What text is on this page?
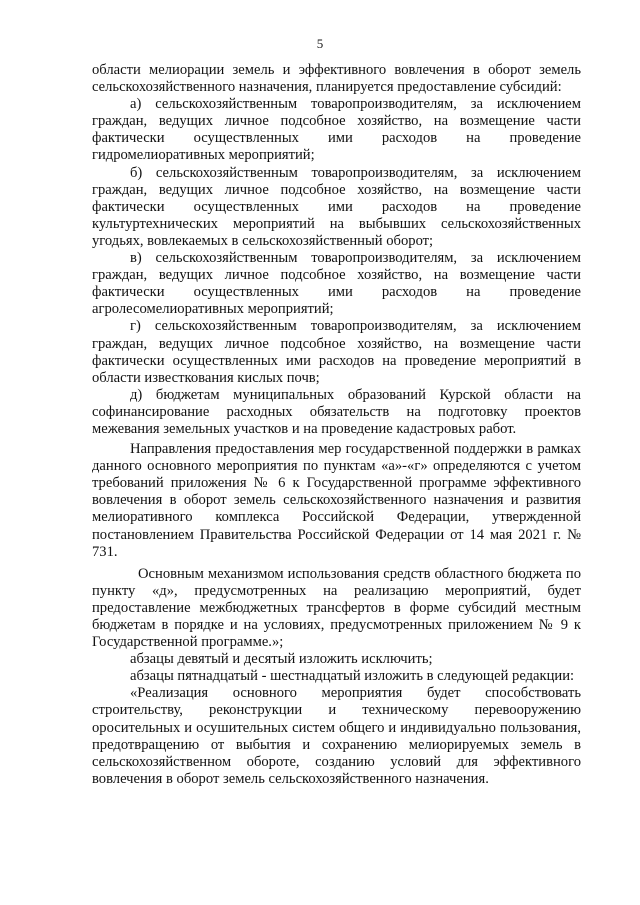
5

области мелиорации земель и эффективного вовлечения в оборот земель сельскохозяйственного назначения, планируется предоставление субсидий:

а) сельскохозяйственным товаропроизводителям, за исключением граждан, ведущих личное подсобное хозяйство, на возмещение части фактически осуществленных ими расходов на проведение гидромелиоративных мероприятий;

б) сельскохозяйственным товаропроизводителям, за исключением граждан, ведущих личное подсобное хозяйство, на возмещение части фактически осуществленных ими расходов на проведение культуртехнических мероприятий на выбывших сельскохозяйственных угодьях, вовлекаемых в сельскохозяйственный оборот;

в) сельскохозяйственным товаропроизводителям, за исключением граждан, ведущих личное подсобное хозяйство, на возмещение части фактически осуществленных ими расходов на проведение агролесомелиоративных мероприятий;

г) сельскохозяйственным товаропроизводителям, за исключением граждан, ведущих личное подсобное хозяйство, на возмещение части фактически осуществленных ими расходов на проведение мероприятий в области известкования кислых почв;

д) бюджетам муниципальных образований Курской области на софинансирование расходных обязательств на подготовку проектов межевания земельных участков и на проведение кадастровых работ.

Направления предоставления мер государственной поддержки в рамках данного основного мероприятия по пунктам «а»-«г» определяются с учетом требований приложения № 6 к Государственной программе эффективного вовлечения в оборот земель сельскохозяйственного назначения и развития мелиоративного комплекса Российской Федерации, утвержденной постановлением Правительства Российской Федерации от 14 мая 2021 г. № 731.

Основным механизмом использования средств областного бюджета по пункту «д», предусмотренных на реализацию мероприятий, будет предоставление межбюджетных трансфертов в форме субсидий местным бюджетам в порядке и на условиях, предусмотренных приложением № 9 к Государственной программе.»;

абзацы девятый и десятый изложить исключить;

абзацы пятнадцатый - шестнадцатый изложить в следующей редакции:

«Реализация основного мероприятия будет способствовать строительству, реконструкции и техническому перевооружению оросительных и осушительных систем общего и индивидуально пользования, предотвращению от выбытия и сохранению мелиорируемых земель в сельскохозяйственном обороте, созданию условий для эффективного вовлечения в оборот земель сельскохозяйственного назначения.
